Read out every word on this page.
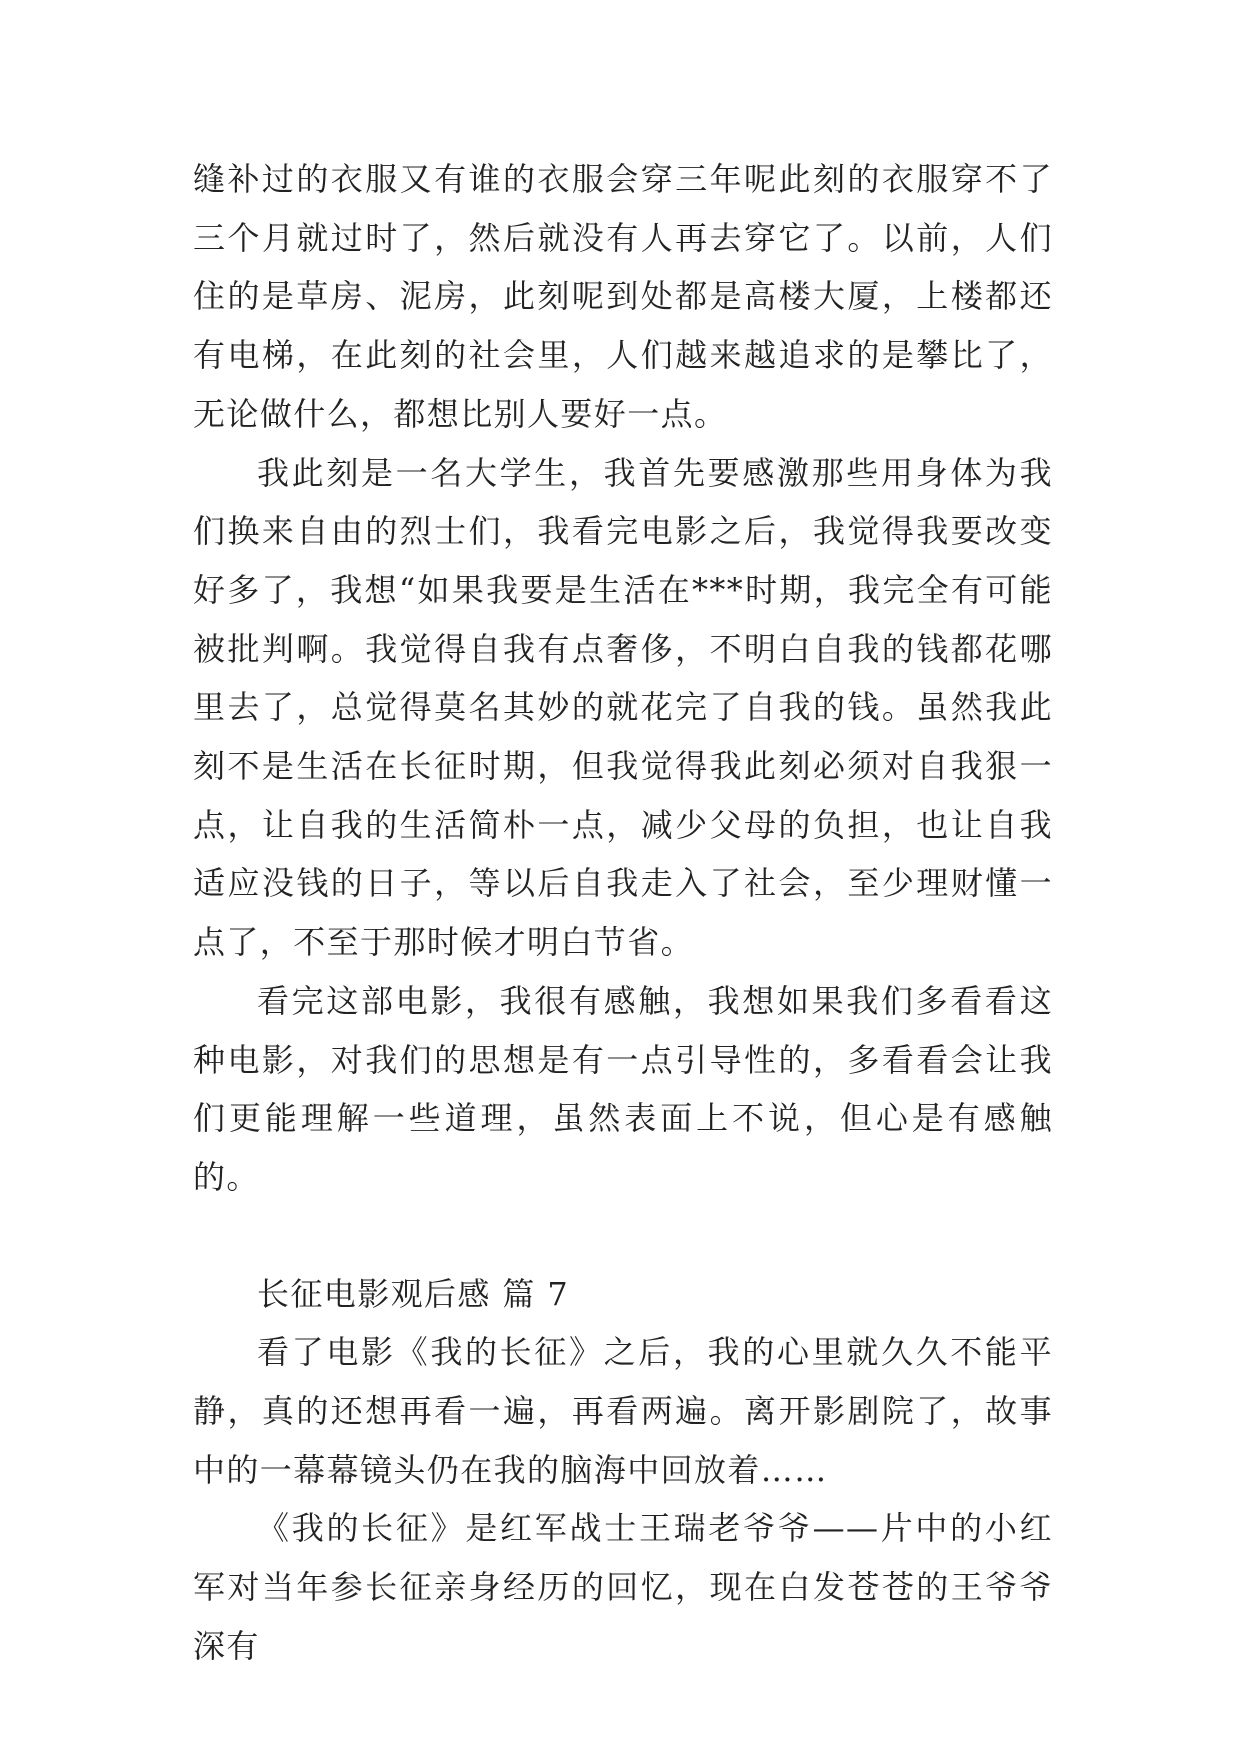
缝补过的衣服又有谁的衣服会穿三年呢此刻的衣服穿不了三个月就过时了，然后就没有人再去穿它了。以前，人们住的是草房、泥房，此刻呢到处都是高楼大厦，上楼都还有电梯，在此刻的社会里，人们越来越追求的是攀比了，无论做什么，都想比别人要好一点。

我此刻是一名大学生，我首先要感激那些用身体为我们换来自由的烈士们，我看完电影之后，我觉得我要改变好多了，我想“如果我要是生活在***时期，我完全有可能被批判啊。我觉得自我有点奢侈，不明白自我的钱都花哪里去了，总觉得莫名其妙的就花完了自我的钱。虽然我此刻不是生活在长征时期，但我觉得我此刻必须对自我狠一点，让自我的生活简朴一点，减少父母的负担，也让自我适应没钱的日子，等以后自我走入了社会，至少理财懂一点了，不至于那时候才明白节省。

看完这部电影，我很有感触，我想如果我们多看看这种电影，对我们的思想是有一点引导性的，多看看会让我们更能理解一些道理，虽然表面上不说，但心是有感触的。

长征电影观后感 篇 7

看了电影《我的长征》之后，我的心里就久久不能平静，真的还想再看一遍，再看两遍。离开影剧院了，故事中的一幕幕镜头仍在我的脑海中回放着……

《我的长征》是红军战士王瑞老爷爷——片中的小红军对当年参长征亲身经历的回忆，现在白发苍苍的王爷爷深有
